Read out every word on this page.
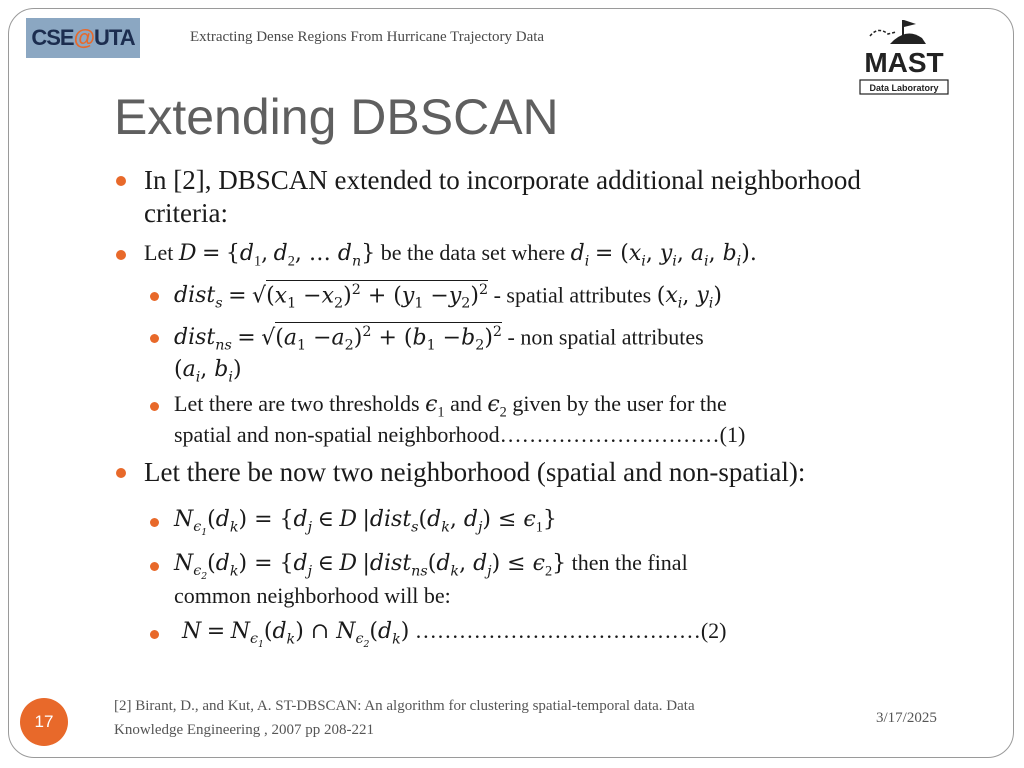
CSE@UTA	Extracting Dense Regions From Hurricane Trajectory Data
MAST
Data Laboratory
Extending DBSCAN
In [2], DBSCAN extended to incorporate additional neighborhood
criteria:
Let $D = \{d_1$, $d_2$, … $d_n$} be the data set where $d_i = (x_i$, $y_i$, $a_i$, $b_i$).
dist$_s$ = $√(x_1 -x_2)^2 + (y_1 -y_2)^2$ - spatial attributes ($x_i$, $y_i$)
dist$_{ns}$ = $√(a_1 -a_2)^2 + (b_1 -b_2)^2$ - non spatial attributes
($a_i$, $b_i$)
Let there are two thresholds $\epsilon_1$ and $\epsilon_2$ given by the user for the
spatial and non-spatial neighborhood…………………………(1)
Let there be now two neighborhood (spatial and non-spatial):
$N_{\epsilon_1}(d_k) = \{d_j$ ∈ D $|dist_s(d_k$, $d_j) \le \epsilon_1$}
$N_{\epsilon_2}(d_k) = \{d_j$ ∈ D $|dist_{ns}(d_k$, $d_j) \le \epsilon_2$} then the final
common neighborhood will be:
$N = N_{\epsilon_1}(d_k)$ ∩ $N_{\epsilon_2}(d_k)$ …………………………………(2)
[2] Birant, D., and Kut, A. ST-DBSCAN: An algorithm for clustering spatial-temporal data. Data
Knowledge Engineering , 2007 pp 208-221
3/17/2025
17
